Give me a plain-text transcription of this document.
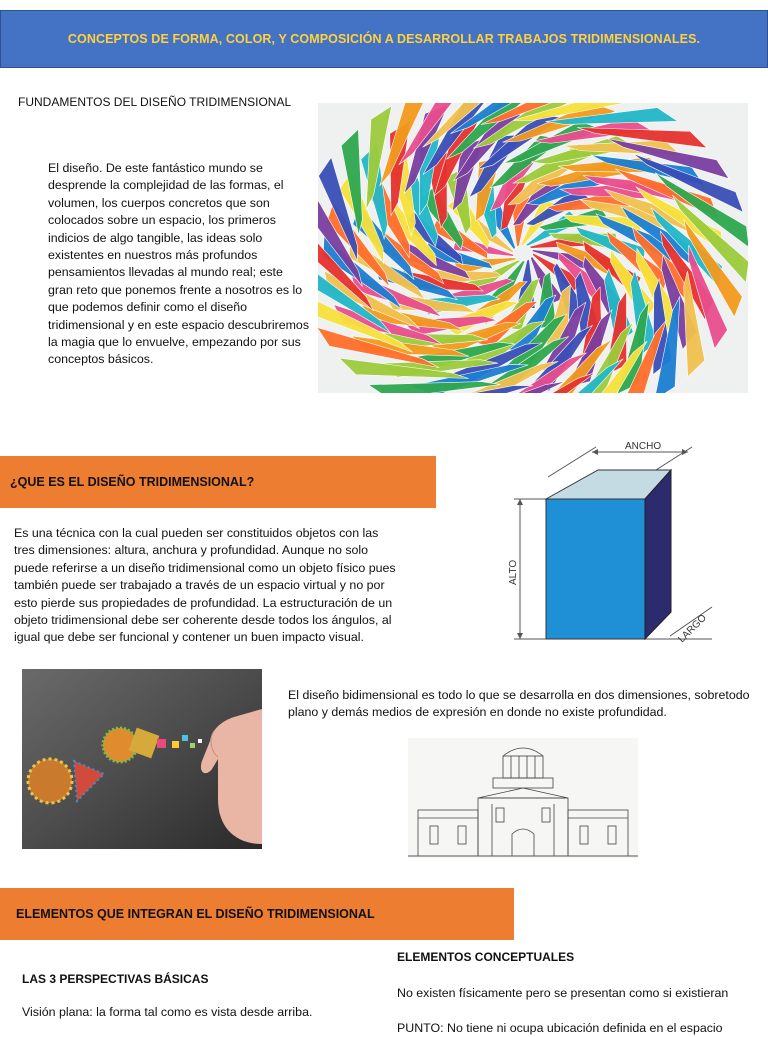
CONCEPTOS DE FORMA, COLOR, Y COMPOSICIÓN A DESARROLLAR TRABAJOS TRIDIMENSIONALES.
FUNDAMENTOS DEL DISEÑO TRIDIMENSIONAL
El diseño. De este fantástico mundo se desprende la complejidad de las formas, el volumen, los cuerpos concretos que son colocados sobre un espacio, los primeros indicios de algo tangible, las ideas solo existentes en nuestros más profundos pensamientos llevadas al mundo real; este gran reto que ponemos frente a nosotros es lo que podemos definir como el diseño tridimensional y en este espacio descubriremos la magia que lo envuelve, empezando por sus conceptos básicos.
¿QUE ES EL DISEÑO TRIDIMENSIONAL?
ANCHO
ALTO
LARGO
Es una técnica con la cual pueden ser constituidos objetos con las tres dimensiones: altura, anchura y profundidad. Aunque no solo puede referirse a un diseño tridimensional como un objeto físico pues también puede ser trabajado a través de un espacio virtual y no por esto pierde sus propiedades de profundidad. La estructuración de un objeto tridimensional debe ser coherente desde todos los ángulos, al igual que debe ser funcional y contener un buen impacto visual.
El diseño bidimensional es todo lo que se desarrolla en dos dimensiones, sobretodo plano y demás medios de expresión en donde no existe profundidad.
ELEMENTOS QUE INTEGRAN EL DISEÑO TRIDIMENSIONAL
LAS 3 PERSPECTIVAS BÁSICAS
Visión plana: la forma tal como es vista desde arriba.
ELEMENTOS CONCEPTUALES
No existen físicamente pero se presentan como si existieran
PUNTO: No tiene ni ocupa ubicación definida en el espacio
